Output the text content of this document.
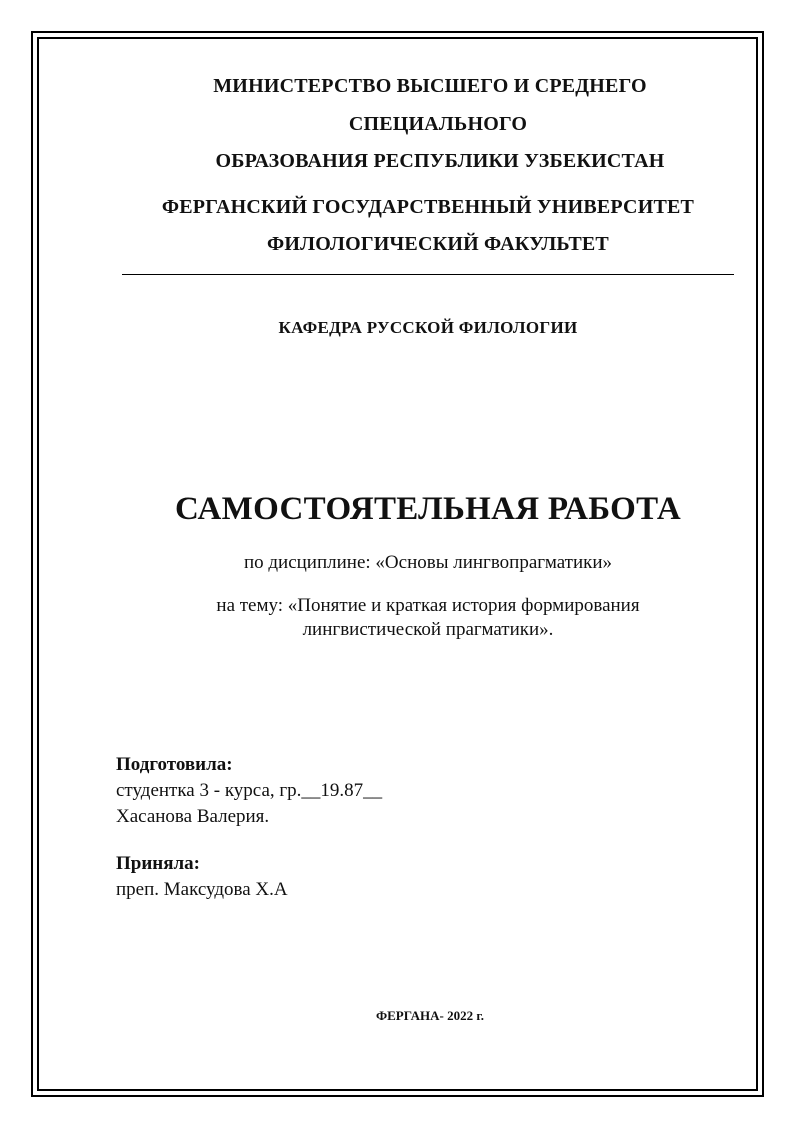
МИНИСТЕРСТВО ВЫСШЕГО И СРЕДНЕГО
СПЕЦИАЛЬНОГО
ОБРАЗОВАНИЯ РЕСПУБЛИКИ УЗБЕКИСТАН
ФЕРГАНСКИЙ ГОСУДАРСТВЕННЫЙ УНИВЕРСИТЕТ
ФИЛОЛОГИЧЕСКИЙ ФАКУЛЬТЕТ
КАФЕДРА РУССКОЙ ФИЛОЛОГИИ
САМОСТОЯТЕЛЬНАЯ РАБОТА
по дисциплине: «Основы лингвопрагматики»
на тему: «Понятие и краткая история формирования
лингвистической прагматики».
Подготовила:
студентка 3 - курса, гр.__19.87__
Хасанова Валерия.
Приняла:
преп. Максудова Х.А
ФЕРГАНА- 2022 г.
